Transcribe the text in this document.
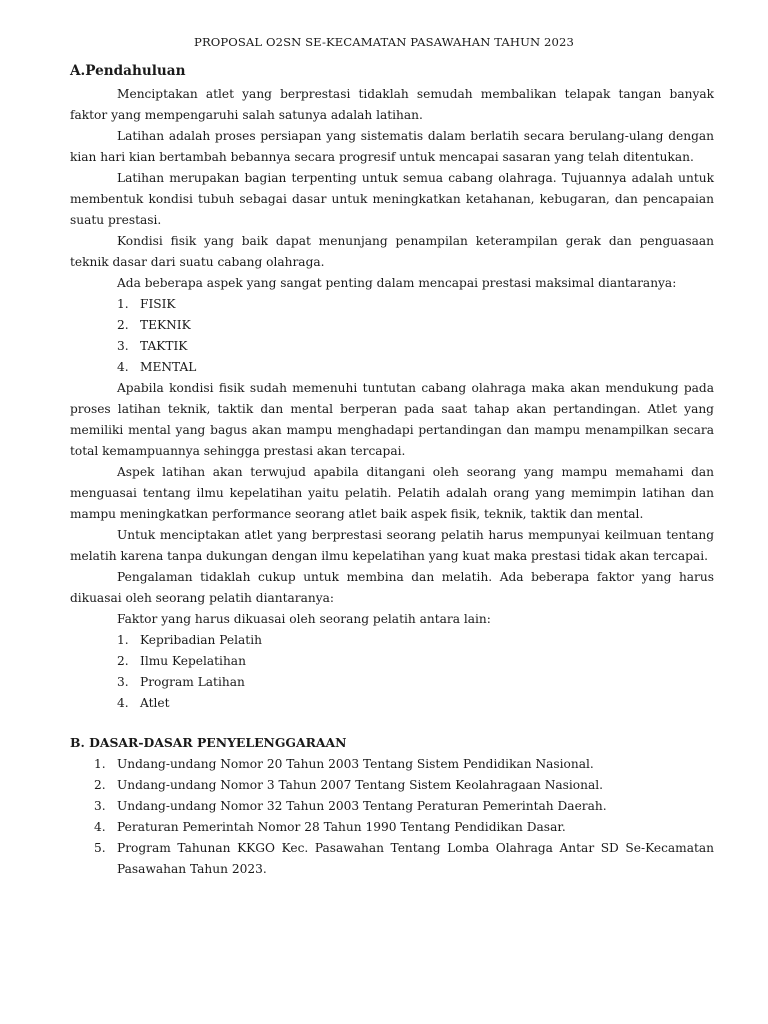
PROPOSAL O2SN SE-KECAMATAN PASAWAHAN TAHUN 2023
A.Pendahuluan

Menciptakan atlet yang berprestasi tidaklah semudah membalikan telapak tangan banyak faktor yang mempengaruhi salah satunya adalah latihan.

Latihan adalah proses persiapan yang sistematis dalam berlatih secara berulang-ulang dengan kian hari kian bertambah bebannya secara progresif untuk mencapai sasaran yang telah ditentukan.

Latihan merupakan bagian terpenting untuk semua cabang olahraga. Tujuannya adalah untuk membentuk kondisi tubuh sebagai dasar untuk meningkatkan ketahanan, kebugaran, dan pencapaian suatu prestasi.

Kondisi fisik yang baik dapat menunjang penampilan keterampilan gerak dan penguasaan teknik dasar dari suatu cabang olahraga.

Ada beberapa aspek yang sangat penting dalam mencapai prestasi maksimal diantaranya:

1. FISIK
2. TEKNIK
3. TAKTIK
4. MENTAL

Apabila kondisi fisik sudah memenuhi tuntutan cabang olahraga maka akan mendukung pada proses latihan teknik, taktik dan mental berperan pada saat tahap akan pertandingan. Atlet yang memiliki mental yang bagus akan mampu menghadapi pertandingan dan mampu menampilkan secara total kemampuannya sehingga prestasi akan tercapai.

Aspek latihan akan terwujud apabila ditangani oleh seorang yang mampu memahami dan menguasai tentang ilmu kepelatihan yaitu pelatih. Pelatih adalah orang yang memimpin latihan dan mampu meningkatkan performance seorang atlet baik aspek fisik, teknik, taktik dan mental.

Untuk menciptakan atlet yang berprestasi seorang pelatih harus mempunyai keilmuan tentang melatih karena tanpa dukungan dengan ilmu kepelatihan yang kuat maka prestasi tidak akan tercapai.

Pengalaman tidaklah cukup untuk membina dan melatih. Ada beberapa faktor yang harus dikuasai oleh seorang pelatih diantaranya:

Faktor yang harus dikuasai oleh seorang pelatih antara lain:

1. Kepribadian Pelatih
2. Ilmu Kepelatihan
3. Program Latihan
4. Atlet
B. DASAR-DASAR PENYELENGGARAAN
1. Undang-undang Nomor 20 Tahun 2003 Tentang Sistem Pendidikan Nasional.
2. Undang-undang Nomor 3 Tahun 2007 Tentang Sistem Keolahragaan Nasional.
3. Undang-undang Nomor 32 Tahun 2003 Tentang Peraturan Pemerintah Daerah.
4. Peraturan Pemerintah Nomor 28 Tahun 1990 Tentang Pendidikan Dasar.
5. Program Tahunan KKGO Kec. Pasawahan Tentang Lomba Olahraga Antar SD Se-Kecamatan Pasawahan Tahun 2023.
